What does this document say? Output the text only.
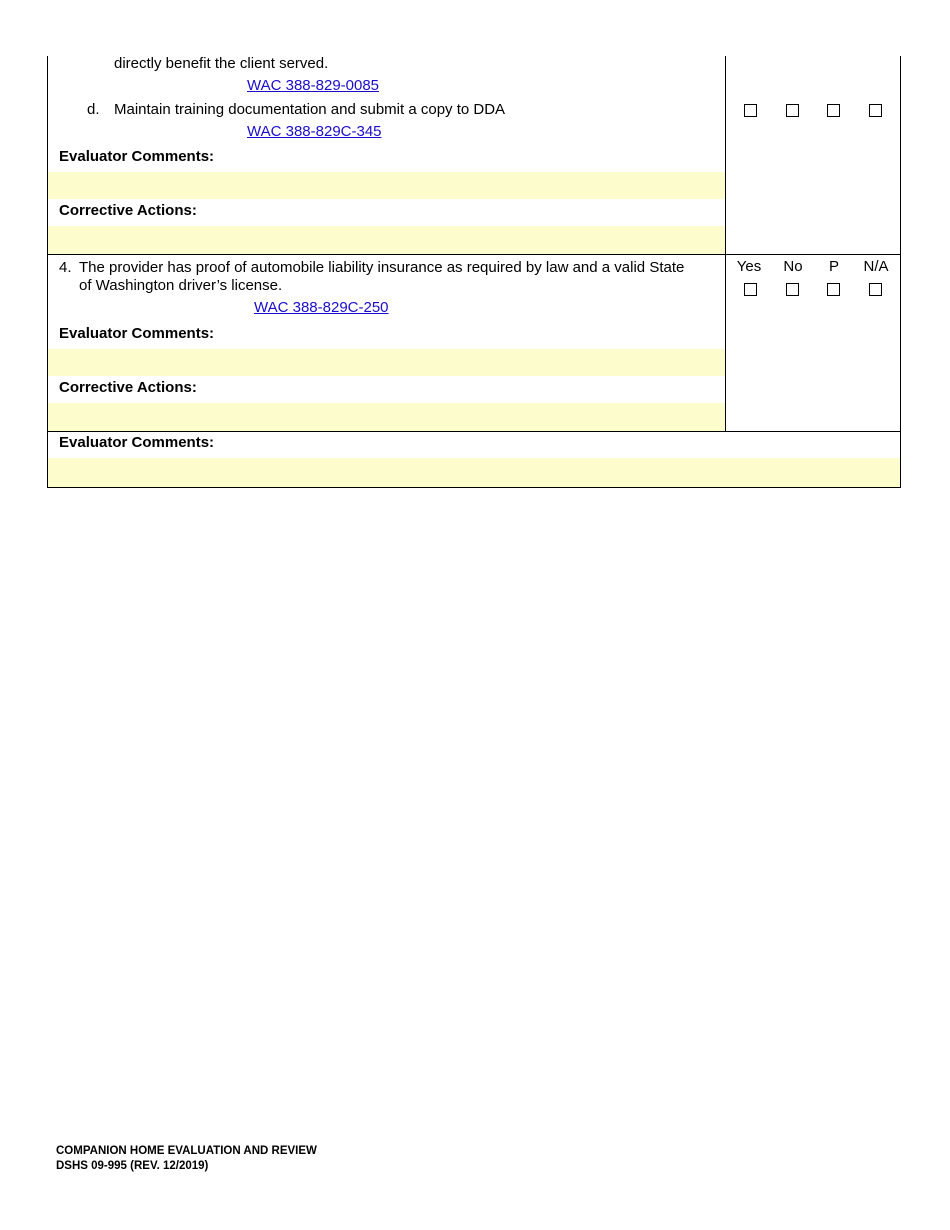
directly benefit the client served.
WAC 388-829-0085
d. Maintain training documentation and submit a copy to DDA
WAC 388-829C-345
Evaluator Comments:
Corrective Actions:
4. The provider has proof of automobile liability insurance as required by law and a valid State
of Washington driver’s license.
WAC 388-829C-250
Evaluator Comments:
Corrective Actions:
Yes	No	P	N/A
Evaluator Comments:
COMPANION HOME EVALUATION AND REVIEW
DSHS 09-995 (REV. 12/2019)
